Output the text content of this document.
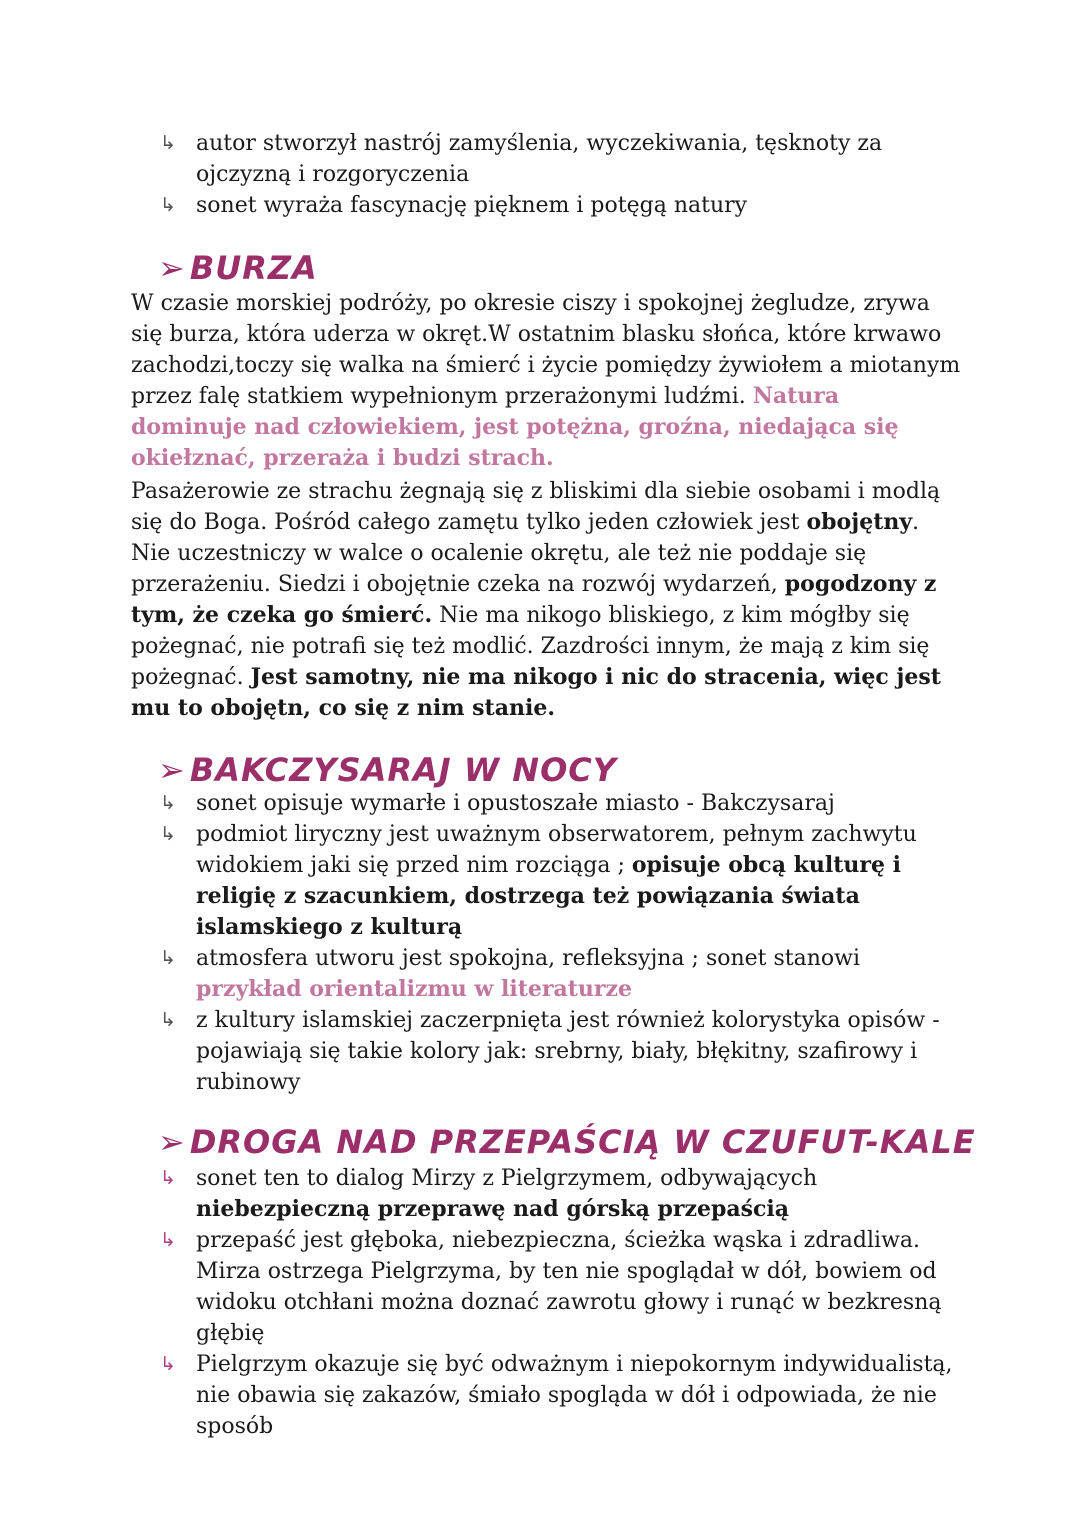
↳ autor stworzył nastrój zamyślenia, wyczekiwania, tęsknoty za ojczyzną i rozgoryczenia
↳ sonet wyraża fascynację pięknem i potęgą natury
➢ BURZA
W czasie morskiej podróży, po okresie ciszy i spokojnej żegludze, zrywa się burza, która uderza w okręt.W ostatnim blasku słońca, które krwawo zachodzi,toczy się walka na śmierć i życie pomiędzy żywiołem a miotanym przez falę statkiem wypełnionym przerażonymi ludźmi. Natura dominuje nad człowiekiem, jest potężna, groźna, niedająca się okiełznać, przeraża i budzi strach.
Pasażerowie ze strachu żegnają się z bliskimi dla siebie osobami i modlą się do Boga. Pośród całego zamętu tylko jeden człowiek jest obojętny. Nie uczestniczy w walce o ocalenie okrętu, ale też nie poddaje się przerażeniu. Siedzi i obojętnie czeka na rozwój wydarzeń, pogodzony z tym, że czeka go śmierć. Nie ma nikogo bliskiego, z kim mógłby się pożegnać, nie potrafi się też modlić. Zazdrości innym, że mają z kim się pożegnać. Jest samotny, nie ma nikogo i nic do stracenia, więc jest mu to obojętn, co się z nim stanie.
➢ BAKCZYSARAJ W NOCY
↳ sonet opisuje wymarłe i opustoszałe miasto - Bakczysaraj
↳ podmiot liryczny jest uważnym obserwatorem, pełnym zachwytu widokiem jaki się przed nim rozciąga ; opisuje obcą kulturę i religię z szacunkiem, dostrzega też powiązania świata islamskiego z kulturą
↳ atmosfera utworu jest spokojna, refleksyjna ; sonet stanowi przykład orientalizmu w literaturze
↳ z kultury islamskiej zaczerpnięta jest również kolorystyka opisów - pojawiają się takie kolory jak: srebrny, biały, błękitny, szafirowy i rubinowy
➢ DROGA NAD PRZEPAŚCIĄ W CZUFUT-KALE
↳ sonet ten to dialog Mirzy z Pielgrzymem, odbywających niebezpieczną przeprawę nad górską przepaścią
↳ przepaść jest głęboka, niebezpieczna, ścieżka wąska i zdradliwa. Mirza ostrzega Pielgrzyma, by ten nie spoglądał w dół, bowiem od widoku otchłani można doznać zawrotu głowy i runąć w bezkresną głębię
↳ Pielgrzym okazuje się być odważnym i niepokornym indywidualistą, nie obawia się zakazów, śmiało spogląda w dół i odpowiada, że nie sposób
